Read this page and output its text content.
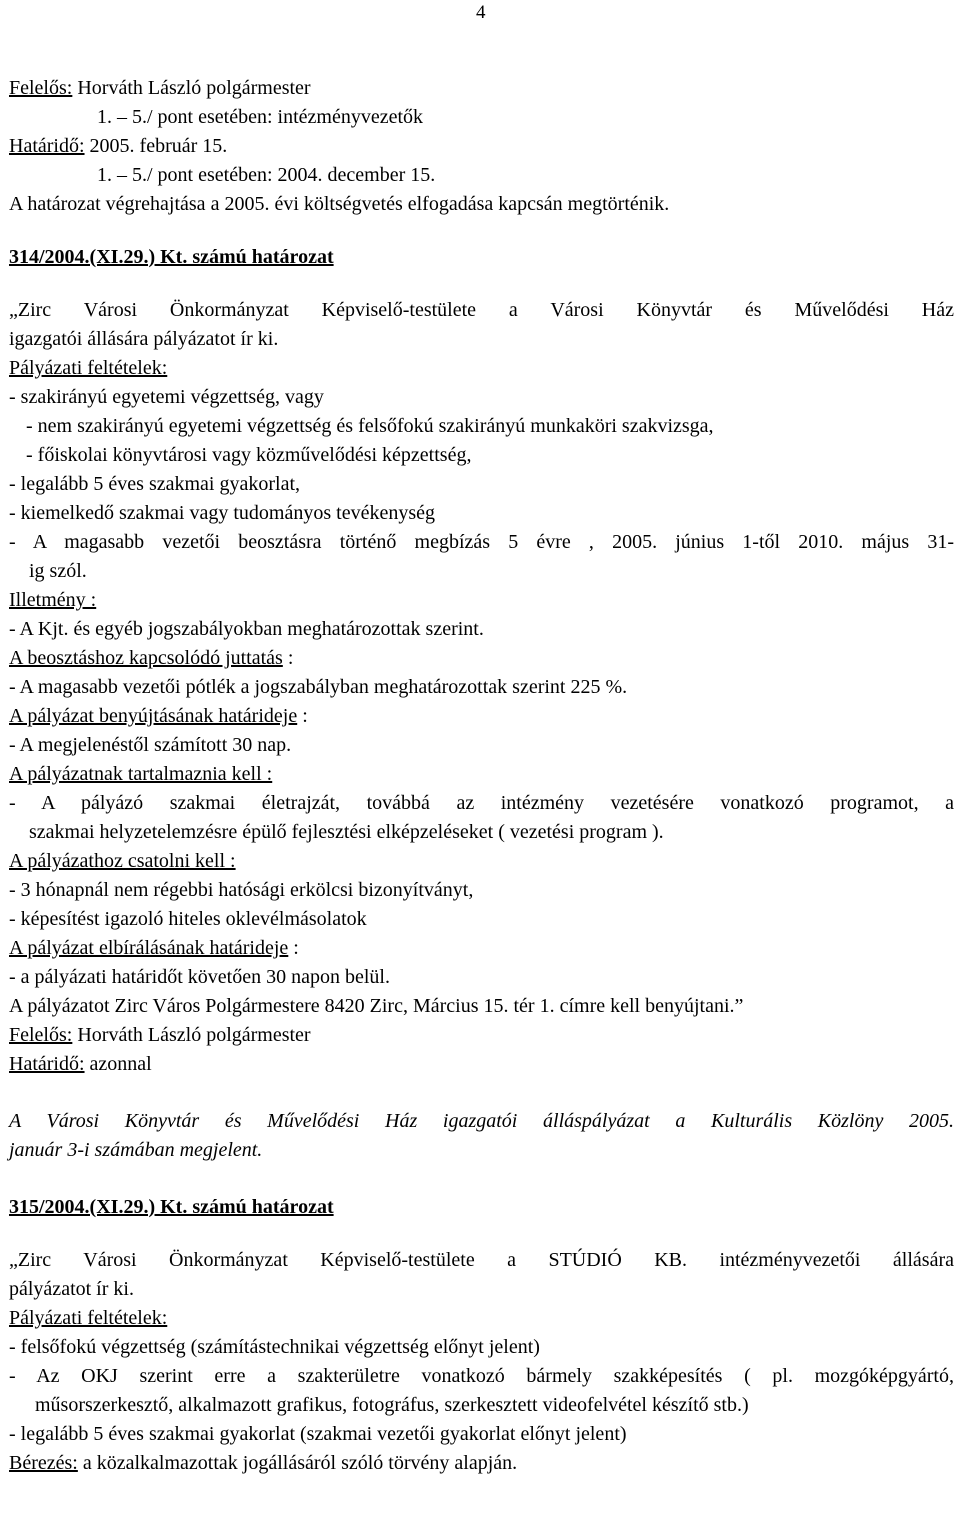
4
Felelős: Horváth László polgármester
1. – 5./ pont esetében: intézményvezetők
Határidő: 2005. február 15.
1. – 5./ pont esetében: 2004. december 15.
A határozat végrehajtása a 2005. évi költségvetés elfogadása kapcsán megtörténik.
314/2004.(XI.29.) Kt. számú határozat
„Zirc Városi Önkormányzat Képviselő-testülete a Városi Könyvtár és Művelődési Ház
igazgatói állására pályázatot ír ki.
Pályázati feltételek:
- szakirányú egyetemi végzettség, vagy
- nem szakirányú egyetemi végzettség és felsőfokú szakirányú munkaköri szakvizsga,
- főiskolai könyvtárosi vagy közművelődési képzettség,
- legalább 5 éves szakmai gyakorlat,
- kiemelkedő szakmai vagy tudományos tevékenység
- A magasabb vezetői beosztásra történő megbízás 5 évre , 2005. június 1-től 2010. május 31-
ig szól.
Illetmény :
- A Kjt. és egyéb jogszabályokban meghatározottak szerint.
A beosztáshoz kapcsolódó juttatás :
- A magasabb vezetői pótlék a jogszabályban meghatározottak szerint 225 %.
A pályázat benyújtásának határideje :
- A megjelenéstől számított 30 nap.
A pályázatnak tartalmaznia kell :
- A pályázó szakmai életrajzát, továbbá az intézmény vezetésére vonatkozó programot, a
szakmai helyzetelemzésre épülő fejlesztési elképzeléseket ( vezetési program ).
A pályázathoz csatolni kell :
- 3 hónapnál nem régebbi hatósági erkölcsi bizonyítványt,
- képesítést igazoló hiteles oklevélmásolatok
A pályázat elbírálásának határideje :
- a pályázati határidőt követően 30 napon belül.
A pályázatot Zirc Város Polgármestere 8420 Zirc, Március 15. tér 1. címre kell benyújtani.”
Felelős: Horváth László polgármester
Határidő: azonnal
A Városi Könyvtár és Művelődési Ház igazgatói álláspályázat a Kulturális Közlöny 2005.
január 3-i számában megjelent.
315/2004.(XI.29.) Kt. számú határozat
„Zirc Városi Önkormányzat Képviselő-testülete a STÚDIÓ KB. intézményvezetői állására
pályázatot ír ki.
Pályázati feltételek:
- felsőfokú végzettség (számítástechnikai végzettség előnyt jelent)
- Az OKJ szerint erre a szakterületre vonatkozó bármely szakképesítés ( pl. mozgóképgyártó,
műsorszerkesztő, alkalmazott grafikus, fotográfus, szerkesztett videofelvétel készítő stb.)
- legalább 5 éves szakmai gyakorlat (szakmai vezetői gyakorlat előnyt jelent)
Bérezés: a közalkalmazottak jogállásáról szóló törvény alapján.
